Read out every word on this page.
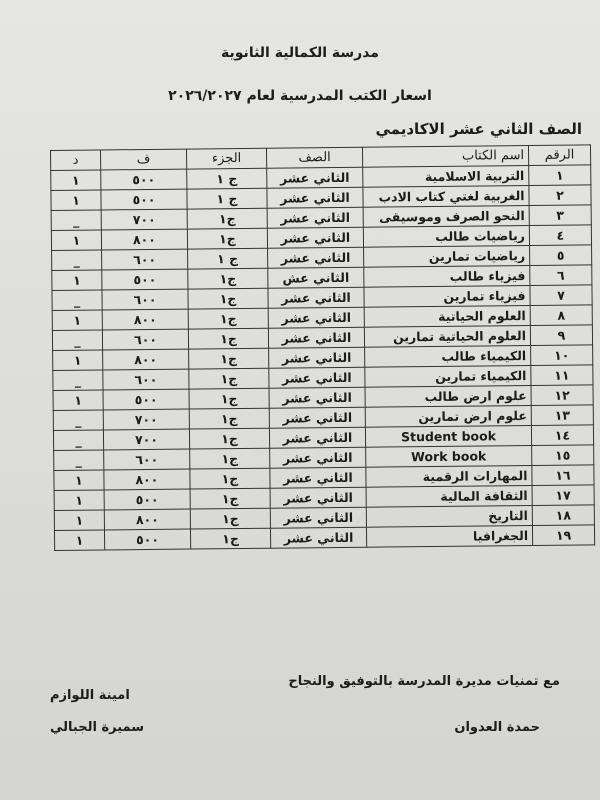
مدرسة الكمالية الثانوية
اسعار الكتب المدرسية لعام ٢٠٢٦/٢٠٢٧
الصف الثاني عشر الاكاديمي
الرقم	اسم الكتاب	الصف	الجزء	ف	د
١	التربية الاسلامية	الثاني عشر	ج ١	٥٠٠	١
٢	الغربية لغتي كتاب الادب	الثاني عشر	ج ١	٥٠٠	١
٣	النحو الصرف وموسيقى	الثاني عشر	ج١	٧٠٠	_
٤	رياضيات طالب	الثاني عشر	ج١	٨٠٠	١
٥	رياضيات تمارين	الثاني عشر	ج ١	٦٠٠	_
٦	فيزياء طالب	الثاني عش	ج١	٥٠٠	١
٧	فيزياء تمارين	الثاني عشر	ج١	٦٠٠	_
٨	العلوم الحياتية	الثاني عشر	ج١	٨٠٠	١
٩	العلوم الحياتية تمارين	الثاني عشر	ج١	٦٠٠	_
١٠	الكيمياء طالب	الثاني عشر	ج١	٨٠٠	١
١١	الكيمياء تمارين	الثاني عشر	ج١	٦٠٠	_
١٢	علوم ارض طالب	الثاني عشر	ج١	٥٠٠	١
١٣	علوم ارض تمارين	الثاني عشر	ج١	٧٠٠	_
١٤	Student book	الثاني عشر	ج١	٧٠٠	_
١٥	Work book	الثاني عشر	ج١	٦٠٠	_
١٦	المهارات الرقمية	الثاني عشر	ج١	٨٠٠	١
١٧	الثقافة المالية	الثاني عشر	ج١	٥٠٠	١
١٨	التاريخ	الثاني عشر	ج١	٨٠٠	١
١٩	الجغرافيا	الثاني عشر	ج١	٥٠٠	١
مع تمنيات مديرة المدرسة بالتوفيق والنجاح
حمدة العدوان
امينة اللوازم
سميرة الجبالي
